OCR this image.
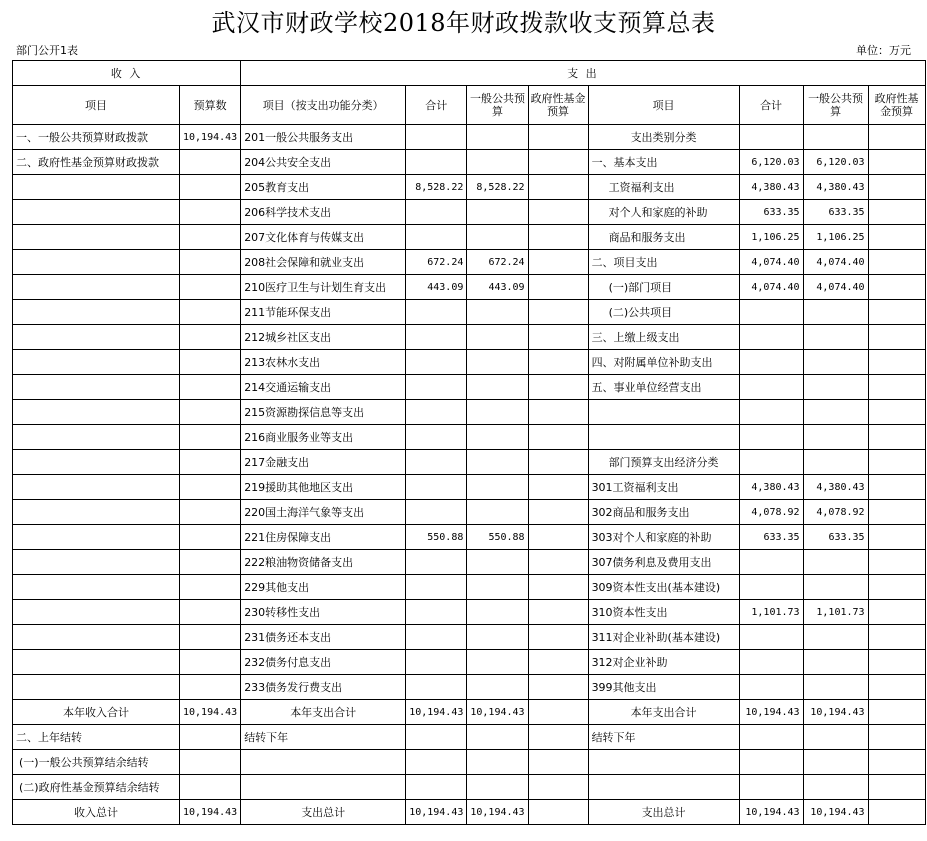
武汉市财政学校2018年财政拨款收支预算总表
部门公开1表	单位：万元
收 入		支 出							
项目	预算数	项目（按支出功能分类）	合计	一般公共预算	政府性基金预算	项目	合计	一般公共预算	政府性基金预算
一、一般公共预算财政拨款	10,194.43	201一般公共服务支出				支出类别分类			
二、政府性基金预算财政拨款		204公共安全支出				一、基本支出	6,120.03	6,120.03	
		205教育支出	8,528.22	8,528.22		工资福利支出	4,380.43	4,380.43	
		206科学技术支出				对个人和家庭的补助	633.35	633.35	
		207文化体育与传媒支出				商品和服务支出	1,106.25	1,106.25	
		208社会保障和就业支出	672.24	672.24		二、项目支出	4,074.40	4,074.40	
		210医疗卫生与计划生育支出	443.09	443.09		(一)部门项目	4,074.40	4,074.40	
		211节能环保支出				(二)公共项目			
		212城乡社区支出				三、上缴上级支出			
		213农林水支出				四、对附属单位补助支出			
		214交通运输支出				五、事业单位经营支出			
		215资源勘探信息等支出							
		216商业服务业等支出							
		217金融支出				部门预算支出经济分类			
		219援助其他地区支出				301工资福利支出	4,380.43	4,380.43	
		220国土海洋气象等支出				302商品和服务支出	4,078.92	4,078.92	
		221住房保障支出	550.88	550.88		303对个人和家庭的补助	633.35	633.35	
		222粮油物资储备支出				307债务利息及费用支出			
		229其他支出				309资本性支出(基本建设)			
		230转移性支出				310资本性支出	1,101.73	1,101.73	
		231债务还本支出				311对企业补助(基本建设)			
		232债务付息支出				312对企业补助			
		233债务发行费支出				399其他支出			
本年收入合计	10,194.43	本年支出合计	10,194.43	10,194.43		本年支出合计	10,194.43	10,194.43	
二、上年结转		结转下年				结转下年			
(一)一般公共预算结余结转									
(二)政府性基金预算结余结转									
收入总计	10,194.43	支出总计	10,194.43	10,194.43		支出总计	10,194.43	10,194.43	
